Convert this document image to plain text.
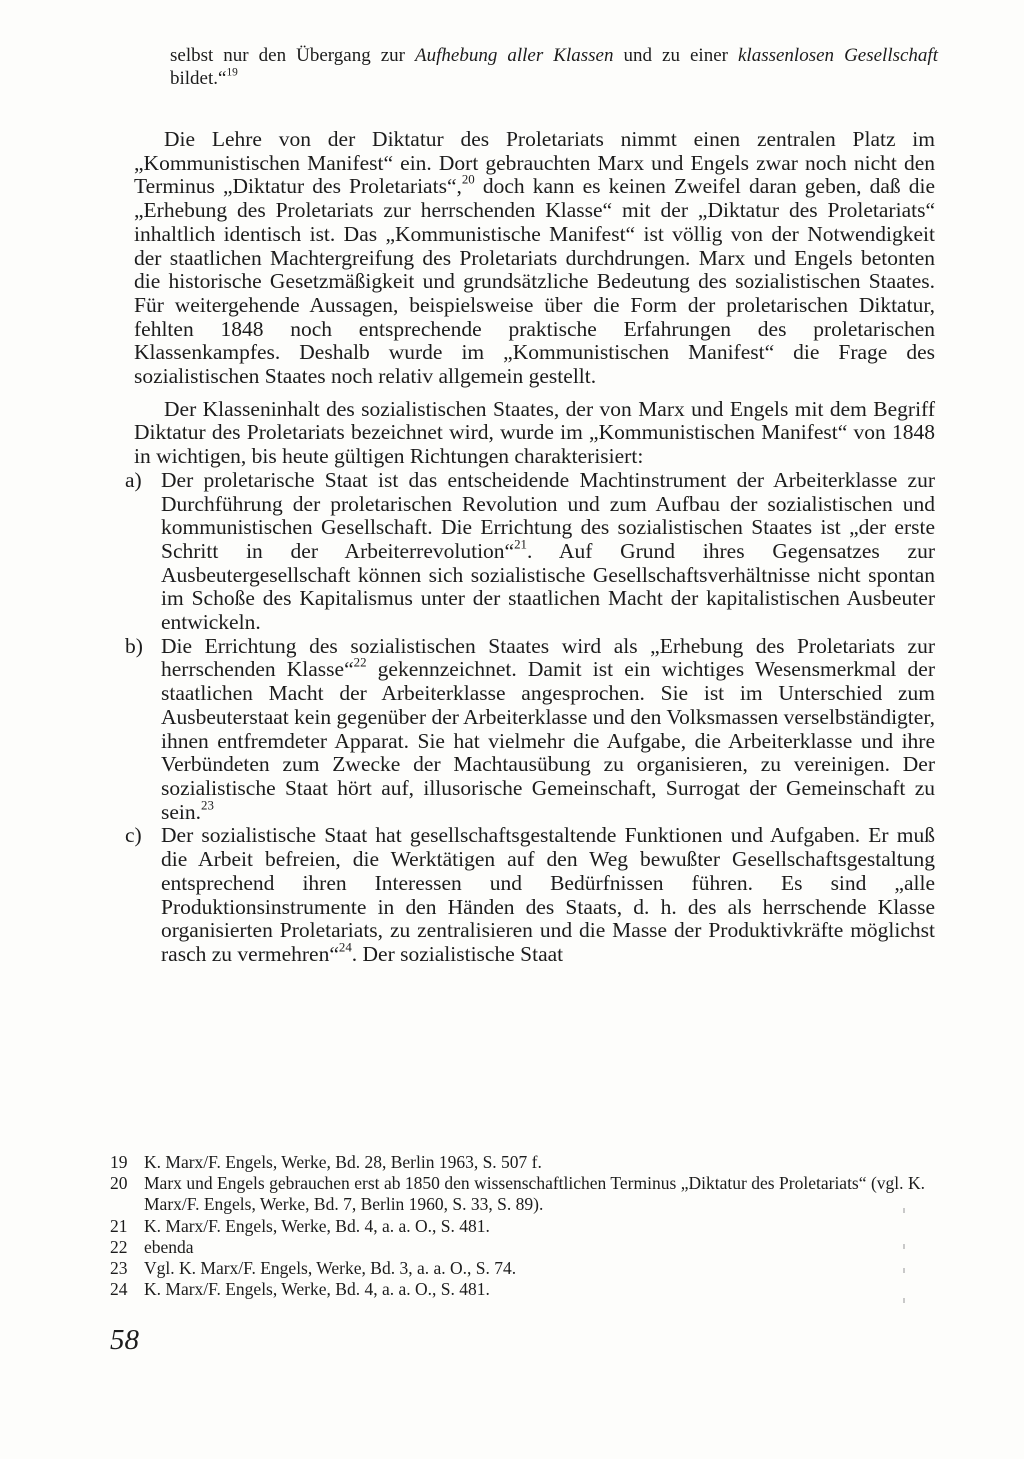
selbst nur den Übergang zur Aufhebung aller Klassen und zu einer klassenlosen Gesellschaft bildet.“$^{19}$

Die Lehre von der Diktatur des Proletariats nimmt einen zentralen Platz im „Kommunistischen Manifest“ ein. Dort gebrauchten Marx und Engels zwar noch nicht den Terminus „Diktatur des Proletariats“,$^{20}$ doch kann es keinen Zweifel daran geben, daß die „Erhebung des Proletariats zur herrschenden Klasse“ mit der „Diktatur des Proletariats“ inhaltlich identisch ist. Das „Kommunistische Manifest“ ist völlig von der Notwendigkeit der staatlichen Machtergreifung des Proletariats durchdrungen. Marx und Engels betonten die historische Gesetzmäßigkeit und grundsätzliche Bedeutung des sozialistischen Staates. Für weitergehende Aussagen, beispielsweise über die Form der proletarischen Diktatur, fehlten 1848 noch entsprechende praktische Erfahrungen des proletarischen Klassenkampfes. Deshalb wurde im „Kommunistischen Manifest“ die Frage des sozialistischen Staates noch relativ allgemein gestellt.

Der Klasseninhalt des sozialistischen Staates, der von Marx und Engels mit dem Begriff Diktatur des Proletariats bezeichnet wird, wurde im „Kommunistischen Manifest“ von 1848 in wichtigen, bis heute gültigen Richtungen charakterisiert:

a) Der proletarische Staat ist das entscheidende Machtinstrument der Arbeiterklasse zur Durchführung der proletarischen Revolution und zum Aufbau der sozialistischen und kommunistischen Gesellschaft. Die Errichtung des sozialistischen Staates ist „der erste Schritt in der Arbeiterrevolution“$^{21}$. Auf Grund ihres Gegensatzes zur Ausbeutergesellschaft können sich sozialistische Gesellschaftsverhältnisse nicht spontan im Schoße des Kapitalismus unter der staatlichen Macht der kapitalistischen Ausbeuter entwickeln.
b) Die Errichtung des sozialistischen Staates wird als „Erhebung des Proletariats zur herrschenden Klasse“$^{22}$ gekennzeichnet. Damit ist ein wichtiges Wesensmerkmal der staatlichen Macht der Arbeiterklasse angesprochen. Sie ist im Unterschied zum Ausbeuterstaat kein gegenüber der Arbeiterklasse und den Volksmassen verselbständigter, ihnen entfremdeter Apparat. Sie hat vielmehr die Aufgabe, die Arbeiterklasse und ihre Verbündeten zum Zwecke der Machtausübung zu organisieren, zu vereinigen. Der sozialistische Staat hört auf, illusorische Gemeinschaft, Surrogat der Gemeinschaft zu sein.$^{23}$
c) Der sozialistische Staat hat gesellschaftsgestaltende Funktionen und Aufgaben. Er muß die Arbeit befreien, die Werktätigen auf den Weg bewußter Gesellschaftsgestaltung entsprechend ihren Interessen und Bedürfnissen führen. Es sind „alle Produktionsinstrumente in den Händen des Staats, d. h. des als herrschende Klasse organisierten Proletariats, zu zentralisieren und die Masse der Produktivkräfte möglichst rasch zu vermehren“$^{24}$. Der sozialistische Staat
19 K. Marx/F. Engels, Werke, Bd. 28, Berlin 1963, S. 507 f.
20 Marx und Engels gebrauchen erst ab 1850 den wissenschaftlichen Terminus „Diktatur des Proletariats“ (vgl. K. Marx/F. Engels, Werke, Bd. 7, Berlin 1960, S. 33, S. 89).
21 K. Marx/F. Engels, Werke, Bd. 4, a. a. O., S. 481.
22 ebenda
23 Vgl. K. Marx/F. Engels, Werke, Bd. 3, a. a. O., S. 74.
24 K. Marx/F. Engels, Werke, Bd. 4, a. a. O., S. 481.
58
